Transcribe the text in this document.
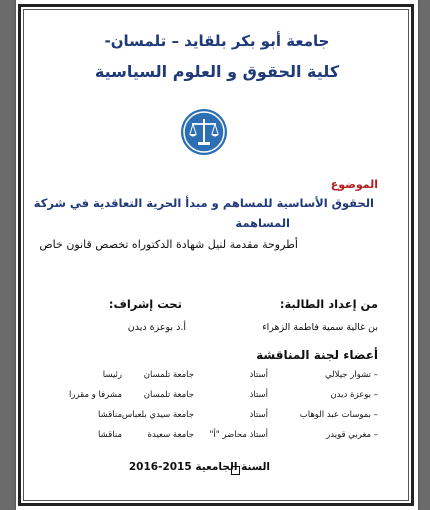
جامعة أبو بكر بلقايد – تلمسان-
كلية الحقوق و العلوم السياسية
الموضوع
الحقوق الأساسية للمساهم و مبدأ الحرية التعاقدية في شركة
المساهمة
أطروحة مقدمة لنيل شهادة الدكتوراه تخصص قانون خاص
من إعداد الطالبة:
تحت إشراف:
بن غالية سمية فاطمة الزهراء
أ.د بوعزة ديدن
أعضاء لجنة المناقشة
– تشوار جيلالي
أستاذ
جامعة تلمسان
رئيسا
– بوعزة ديدن
أستاذ
جامعة تلمسان
مشرفا و مقررا
– بموسات عبد الوهاب
أستاذ
جامعة سيدي بلعباس
مناقشا
– مغربي قويدر
أستاذ محاضر "أ"
جامعة سعيدة
مناقشا
السنة الجامعية 2015-2016
